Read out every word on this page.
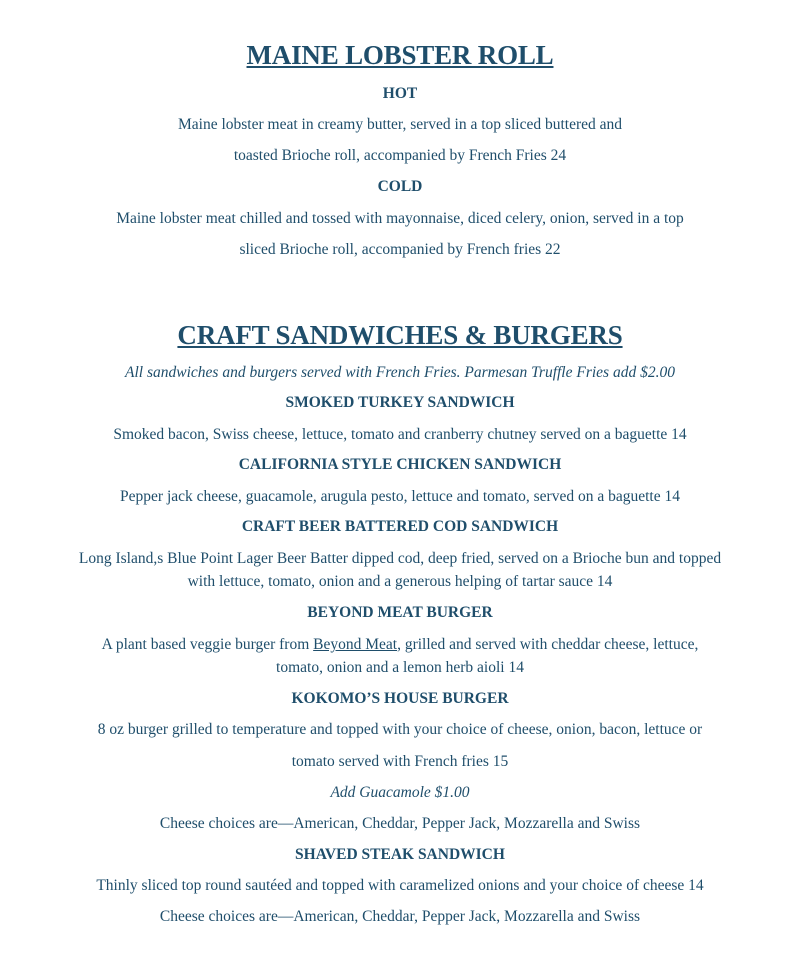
MAINE LOBSTER ROLL
HOT
Maine lobster meat in creamy butter, served in a top sliced buttered and
toasted Brioche roll, accompanied by French Fries 24
COLD
Maine lobster meat chilled and tossed with mayonnaise, diced celery, onion, served in a top
sliced Brioche roll, accompanied by French fries 22
CRAFT SANDWICHES & BURGERS
All sandwiches and burgers served with French Fries. Parmesan Truffle Fries add $2.00
SMOKED TURKEY SANDWICH
Smoked bacon, Swiss cheese, lettuce, tomato and cranberry chutney served on a baguette 14
CALIFORNIA STYLE CHICKEN SANDWICH
Pepper jack cheese, guacamole, arugula pesto, lettuce and tomato, served on a baguette 14
CRAFT BEER BATTERED COD SANDWICH
Long Island,s Blue Point Lager Beer Batter dipped cod, deep fried, served on a Brioche bun and topped
with lettuce, tomato, onion and a generous helping of tartar sauce 14
BEYOND MEAT BURGER
A plant based veggie burger from Beyond Meat, grilled and served with cheddar cheese, lettuce,
tomato, onion and a lemon herb aioli 14
KOKOMO’S HOUSE BURGER
8 oz burger grilled to temperature and topped with your choice of cheese, onion, bacon, lettuce or
tomato served with French fries 15
Add Guacamole $1.00
Cheese choices are—American, Cheddar, Pepper Jack, Mozzarella and Swiss
SHAVED STEAK SANDWICH
Thinly sliced top round sautéed and topped with caramelized onions and your choice of cheese 14
Cheese choices are—American, Cheddar, Pepper Jack, Mozzarella and Swiss
